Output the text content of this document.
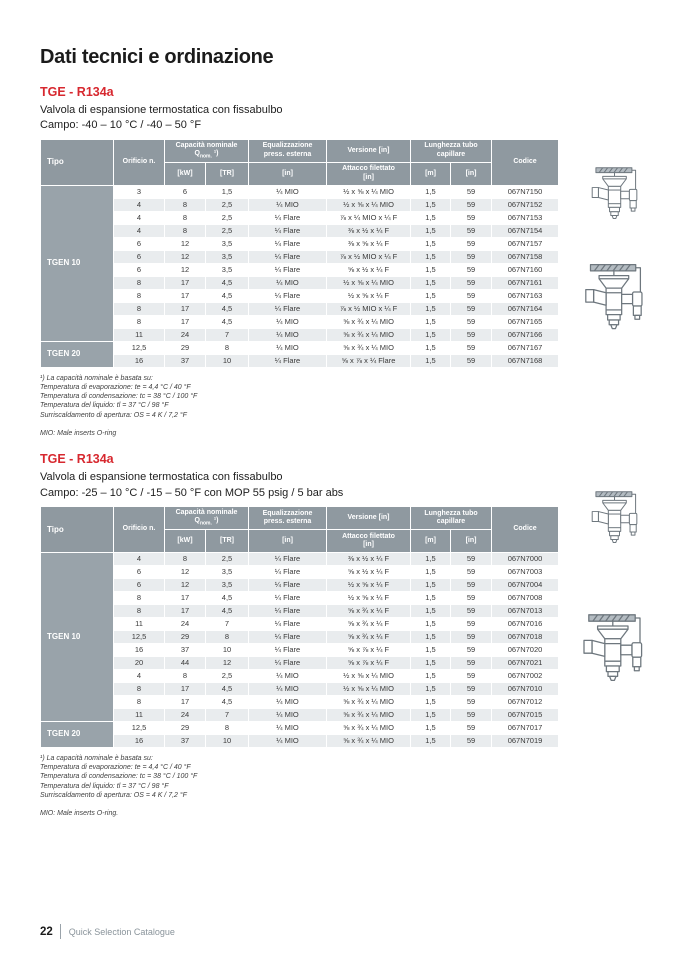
Dati tecnici e ordinazione
TGE - R134a
Valvola di espansione termostatica con fissabulbo
Campo: -40 – 10 °C / -40 – 50 °F
Tipo	Orificio n.	
Capacità nominale
$Q_{nom.}$ ¹)

Equalizzazione
press. esterna
	Versione [in]	
Lunghezza tubo
capillare
	Codice
		[kW]	[TR]	[in]	Attacco filettato
[in]	[m]	[in]	
TGEN 10	3	6	1,5	¼ MIO	½ x ⅝ x ¼ MIO	1,5	59	067N7150
	4	8	2,5	¼ MIO	½ x ⅝ x ¼ MIO	1,5	59	067N7152
	4	8	2,5	¼ Flare	⅞ x ¼ MIO x ¼ F	1,5	59	067N7153
	4	8	2,5	¼ Flare	⅜ x ½ x ¼ F	1,5	59	067N7154
	6	12	3,5	¼ Flare	⅜ x ⅝ x ¼ F	1,5	59	067N7157
	6	12	3,5	¼ Flare	⅞ x ½ MIO x ¼ F	1,5	59	067N7158
	6	12	3,5	¼ Flare	⅝ x ½ x ¼ F	1,5	59	067N7160
	8	17	4,5	¼ MIO	½ x ⅝ x ¼ MIO	1,5	59	067N7161
	8	17	4,5	¼ Flare	½ x ⅝ x ¼ F	1,5	59	067N7163
	8	17	4,5	¼ Flare	⅞ x ½ MIO x ¼ F	1,5	59	067N7164
	8	17	4,5	¼ MIO	⅝ x ¾ x ¼ MIO	1,5	59	067N7165
	11	24	7	¼ MIO	⅝ x ¾ x ¼ MIO	1,5	59	067N7166
TGEN 20	12,5	29	8	¼ MIO	⅝ x ¾ x ¼ MIO	1,5	59	067N7167
	16	37	10	¼ Flare	⅝ x ⅞ x ¼ Flare	1,5	59	067N7168
¹) La capacità nominale è basata su:
Temperatura di evaporazione: te = 4,4 °C / 40 °F
Temperatura di condensazione: tc = 38 °C / 100 °F
Temperatura del liquido: tl = 37 °C / 98 °F
Surriscaldamento di apertura: OS = 4 K / 7,2 °F
MIO: Male inserts O-ring
TGE - R134a
Valvola di espansione termostatica con fissabulbo
Campo: -25 – 10 °C / -15 – 50 °F con MOP 55 psig / 5 bar abs
Tipo	Orificio n.	
Capacità nominale
$Q_{nom.}$ ¹)

Equalizzazione
press. esterna
	Versione [in]	
Lunghezza tubo
capillare
	Codice
		[kW]	[TR]	[in]	Attacco filettato
[in]	[m]	[in]	
TGEN 10	4	8	2,5	¼ Flare	⅜ x ½ x ¼ F	1,5	59	067N7000
	6	12	3,5	¼ Flare	⅝ x ½ x ¼ F	1,5	59	067N7003
	6	12	3,5	¼ Flare	½ x ⅝ x ¼ F	1,5	59	067N7004
	8	17	4,5	¼ Flare	½ x ⅝ x ¼ F	1,5	59	067N7008
	8	17	4,5	¼ Flare	⅝ x ¾ x ¼ F	1,5	59	067N7013
	11	24	7	¼ Flare	⅝ x ¾ x ¼ F	1,5	59	067N7016
	12,5	29	8	¼ Flare	⅝ x ¾ x ¼ F	1,5	59	067N7018
	16	37	10	¼ Flare	⅝ x ⅞ x ¼ F	1,5	59	067N7020
	20	44	12	¼ Flare	⅝ x ⅞ x ¼ F	1,5	59	067N7021
	4	8	2,5	¼ MIO	½ x ⅝ x ¼ MIO	1,5	59	067N7002
	8	17	4,5	¼ MIO	½ x ⅝ x ¼ MIO	1,5	59	067N7010
	8	17	4,5	¼ MIO	⅝ x ¾ x ¼ MIO	1,5	59	067N7012
	11	24	7	¼ MIO	⅝ x ¾ x ¼ MIO	1,5	59	067N7015
TGEN 20	12,5	29	8	¼ MIO	⅝ x ¾ x ¼ MIO	1,5	59	067N7017
	16	37	10	¼ MIO	⅝ x ¾ x ¼ MIO	1,5	59	067N7019
¹) La capacità nominale è basata su:
Temperatura di evaporazione: te = 4,4 °C / 40 °F
Temperatura di condensazione: tc = 38 °C / 100 °F
Temperatura del liquido: tl = 37 °C / 98 °F
Surriscaldamento di apertura: OS = 4 K / 7,2 °F
MIO: Male inserts O-ring.
22 Quick Selection Catalogue
